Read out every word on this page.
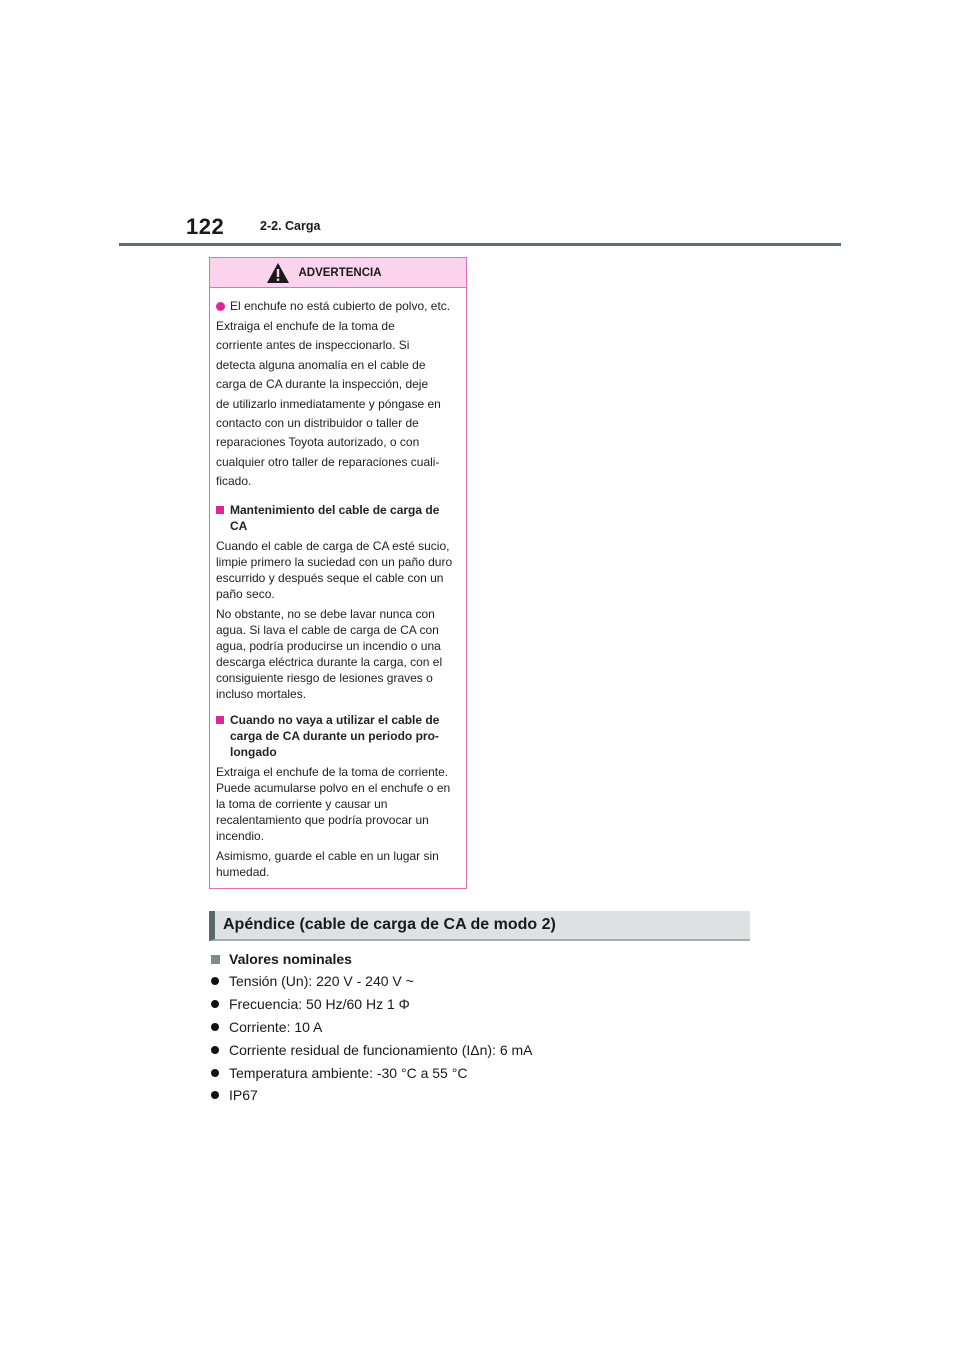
122	2-2. Carga
ADVERTENCIA
El enchufe no está cubierto de polvo, etc.

Extraiga el enchufe de la toma de

corriente antes de inspeccionarlo. Si

detecta alguna anomalía en el cable de

carga de CA durante la inspección, deje

de utilizarlo inmediatamente y póngase en

contacto con un distribuidor o taller de

reparaciones Toyota autorizado, o con

cualquier otro taller de reparaciones cuali-

ficado.

Mantenimiento del cable de carga de CA

Cuando el cable de carga de CA esté sucio, limpie primero la suciedad con un paño duro escurrido y después seque el cable con un paño seco.

No obstante, no se debe lavar nunca con agua. Si lava el cable de carga de CA con agua, podría producirse un incendio o una descarga eléctrica durante la carga, con el consiguiente riesgo de lesiones graves o incluso mortales.

Cuando no vaya a utilizar el cable de carga de CA durante un periodo pro-longado

Extraiga el enchufe de la toma de corriente. Puede acumularse polvo en el enchufe o en la toma de corriente y causar un recalentamiento que podría provocar un incendio.

Asimismo, guarde el cable en un lugar sin humedad.

Apéndice (cable de carga de CA de modo 2)
Valores nominales
Tensión (Un): 220 V - 240 V ~
Frecuencia: 50 Hz/60 Hz 1 Φ
Corriente: 10 A
Corriente residual de funcionamiento (IΔn): 6 mA
Temperatura ambiente: -30 °C a 55 °C
IP67
